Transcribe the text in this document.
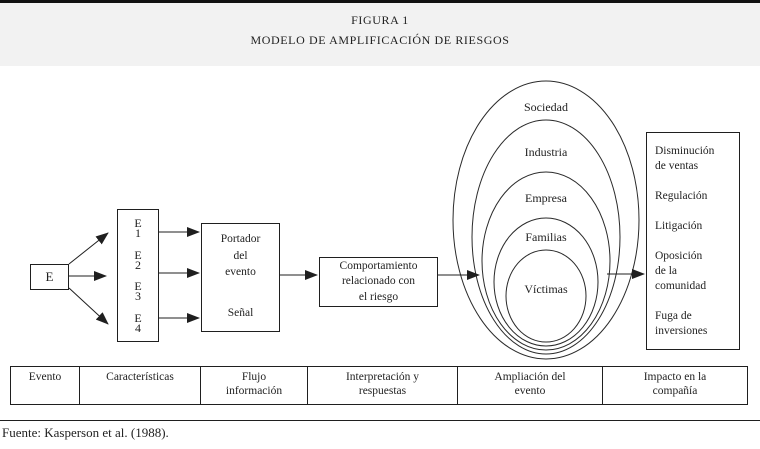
FIGURA 1
MODELO DE AMPLIFICACIÓN DE RIESGOS
E
E
1
E
2
E
3
E
4
Portador
del
evento
Señal
Comportamiento
relacionado con
el riesgo
Sociedad
Industria
Empresa
Familias
Víctimas
Disminución
de ventas
Regulación
Litigación
Oposición
de la
comunidad
Fuga de
inversiones
Evento	Características	Flujo
información
Interpretación y
respuestas
Ampliación del
evento
Impacto en la
compañía
Fuente: Kasperson et al. (1988).
